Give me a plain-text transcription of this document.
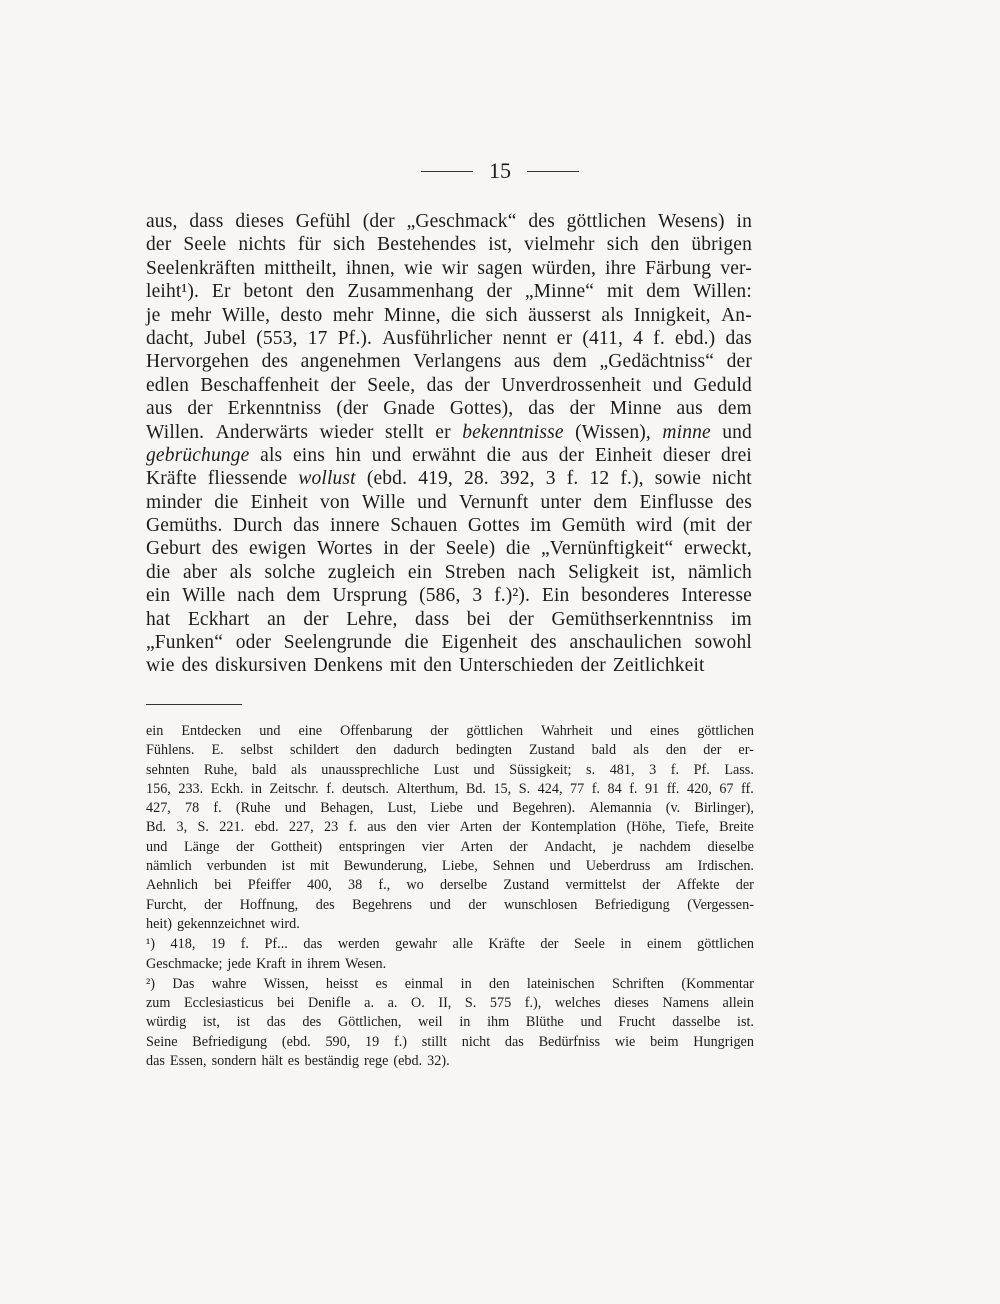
15
aus, dass dieses Gefühl (der „Geschmack“ des göttlichen Wesens) in
der Seele nichts für sich Bestehendes ist, vielmehr sich den übrigen
Seelenkräften mittheilt, ihnen, wie wir sagen würden, ihre Färbung ver-
leiht¹). Er betont den Zusammenhang der „Minne“ mit dem Willen:
je mehr Wille, desto mehr Minne, die sich äusserst als Innigkeit, An-
dacht, Jubel (553, 17 Pf.). Ausführlicher nennt er (411, 4 f. ebd.) das
Hervorgehen des angenehmen Verlangens aus dem „Gedächtniss“ der
edlen Beschaffenheit der Seele, das der Unverdrossenheit und Geduld
aus der Erkenntniss (der Gnade Gottes), das der Minne aus dem
Willen. Anderwärts wieder stellt er bekenntnisse (Wissen), minne und
gebrüchunge als eins hin und erwähnt die aus der Einheit dieser drei
Kräfte fliessende wollust (ebd. 419, 28. 392, 3 f. 12 f.), sowie nicht
minder die Einheit von Wille und Vernunft unter dem Einflusse des
Gemüths. Durch das innere Schauen Gottes im Gemüth wird (mit der
Geburt des ewigen Wortes in der Seele) die „Vernünftigkeit“ erweckt,
die aber als solche zugleich ein Streben nach Seligkeit ist, nämlich
ein Wille nach dem Ursprung (586, 3 f.)²). Ein besonderes Interesse
hat Eckhart an der Lehre, dass bei der Gemüthserkenntniss im
„Funken“ oder Seelengrunde die Eigenheit des anschaulichen sowohl
wie des diskursiven Denkens mit den Unterschieden der Zeitlichkeit
ein Entdecken und eine Offenbarung der göttlichen Wahrheit und eines göttlichen
Fühlens. E. selbst schildert den dadurch bedingten Zustand bald als den der er-
sehnten Ruhe, bald als unaussprechliche Lust und Süssigkeit; s. 481, 3 f. Pf. Lass.
156, 233. Eckh. in Zeitschr. f. deutsch. Alterthum, Bd. 15, S. 424, 77 f. 84 f. 91 ff. 420, 67 ff.
427, 78 f. (Ruhe und Behagen, Lust, Liebe und Begehren). Alemannia (v. Birlinger),
Bd. 3, S. 221. ebd. 227, 23 f. aus den vier Arten der Kontemplation (Höhe, Tiefe, Breite
und Länge der Gottheit) entspringen vier Arten der Andacht, je nachdem dieselbe
nämlich verbunden ist mit Bewunderung, Liebe, Sehnen und Ueberdruss am Irdischen.
Aehnlich bei Pfeiffer 400, 38 f., wo derselbe Zustand vermittelst der Affekte der
Furcht, der Hoffnung, des Begehrens und der wunschlosen Befriedigung (Vergessen-
heit) gekennzeichnet wird.
¹) 418, 19 f. Pf... das werden gewahr alle Kräfte der Seele in einem göttlichen
Geschmacke; jede Kraft in ihrem Wesen.
²) Das wahre Wissen, heisst es einmal in den lateinischen Schriften (Kommentar
zum Ecclesiasticus bei Denifle a. a. O. II, S. 575 f.), welches dieses Namens allein
würdig ist, ist das des Göttlichen, weil in ihm Blüthe und Frucht dasselbe ist.
Seine Befriedigung (ebd. 590, 19 f.) stillt nicht das Bedürfniss wie beim Hungrigen
das Essen, sondern hält es beständig rege (ebd. 32).
